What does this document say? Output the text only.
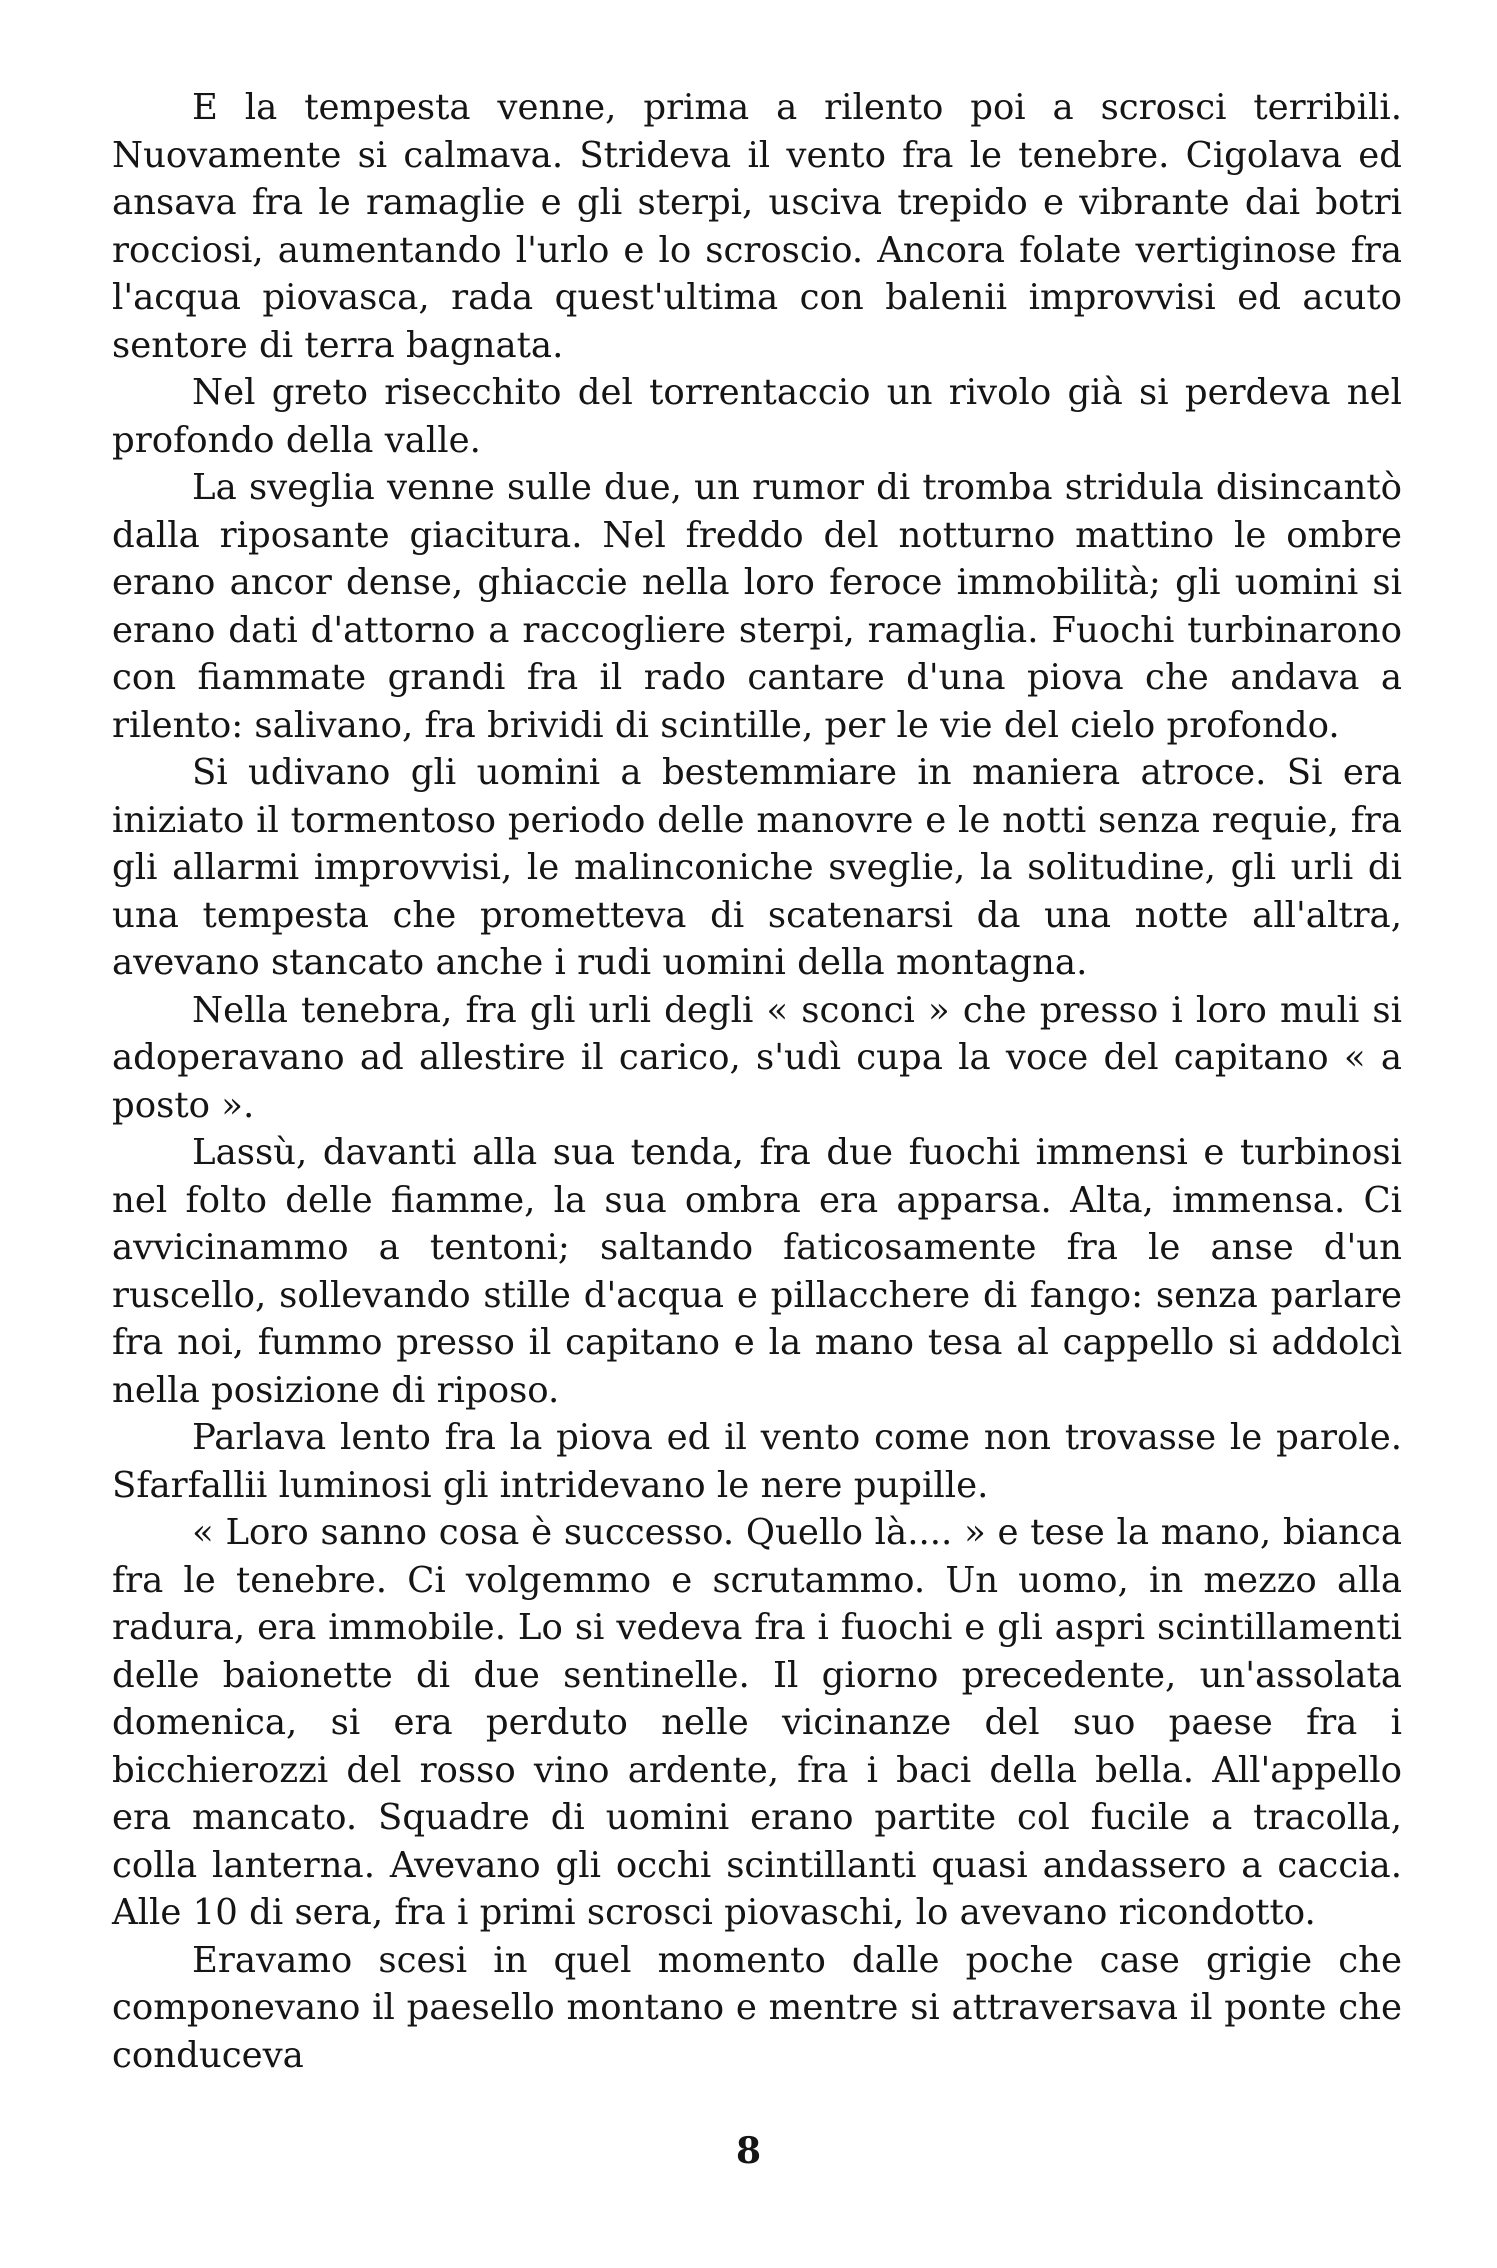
E la tempesta venne, prima a rilento poi a scrosci terribili. Nuovamente si calmava. Strideva il vento fra le tenebre. Cigolava ed ansava fra le ramaglie e gli sterpi, usciva trepido e vibrante dai botri rocciosi, aumentando l'urlo e lo scroscio. Ancora folate vertiginose fra l'acqua piovasca, rada quest'ultima con balenii improvvisi ed acuto sentore di terra bagnata.

Nel greto risecchito del torrentaccio un rivolo già si perdeva nel profondo della valle.

La sveglia venne sulle due, un rumor di tromba stridula disincantò dalla riposante giacitura. Nel freddo del notturno mattino le ombre erano ancor dense, ghiaccie nella loro feroce immobilità; gli uomini si erano dati d'attorno a raccogliere sterpi, ramaglia. Fuochi turbinarono con fiammate grandi fra il rado cantare d'una piova che andava a rilento: salivano, fra brividi di scintille, per le vie del cielo profondo.

Si udivano gli uomini a bestemmiare in maniera atroce. Si era iniziato il tormentoso periodo delle manovre e le notti senza requie, fra gli allarmi improvvisi, le malinconiche sveglie, la solitudine, gli urli di una tempesta che prometteva di scatenarsi da una notte all'altra, avevano stancato anche i rudi uomini della montagna.

Nella tenebra, fra gli urli degli « sconci » che presso i loro muli si adoperavano ad allestire il carico, s'udì cupa la voce del capitano « a posto ».

Lassù, davanti alla sua tenda, fra due fuochi immensi e turbinosi nel folto delle fiamme, la sua ombra era apparsa. Alta, immensa. Ci avvicinammo a tentoni; saltando faticosamente fra le anse d'un ruscello, sollevando stille d'acqua e pillacchere di fango: senza parlare fra noi, fummo presso il capitano e la mano tesa al cappello si addolcì nella posizione di riposo.

Parlava lento fra la piova ed il vento come non trovasse le parole. Sfarfallii luminosi gli intridevano le nere pupille.

« Loro sanno cosa è successo. Quello là.... » e tese la mano, bianca fra le tenebre. Ci volgemmo e scrutammo. Un uomo, in mezzo alla radura, era immobile. Lo si vedeva fra i fuochi e gli aspri scintillamenti delle baionette di due sentinelle. Il giorno precedente, un'assolata domenica, si era perduto nelle vicinanze del suo paese fra i bicchierozzi del rosso vino ardente, fra i baci della bella. All'appello era mancato. Squadre di uomini erano partite col fucile a tracolla, colla lanterna. Avevano gli occhi scintillanti quasi andassero a caccia. Alle 10 di sera, fra i primi scrosci piovaschi, lo avevano ricondotto.

Eravamo scesi in quel momento dalle poche case grigie che componevano il paesello montano e mentre si attraversava il ponte che conduceva

8
